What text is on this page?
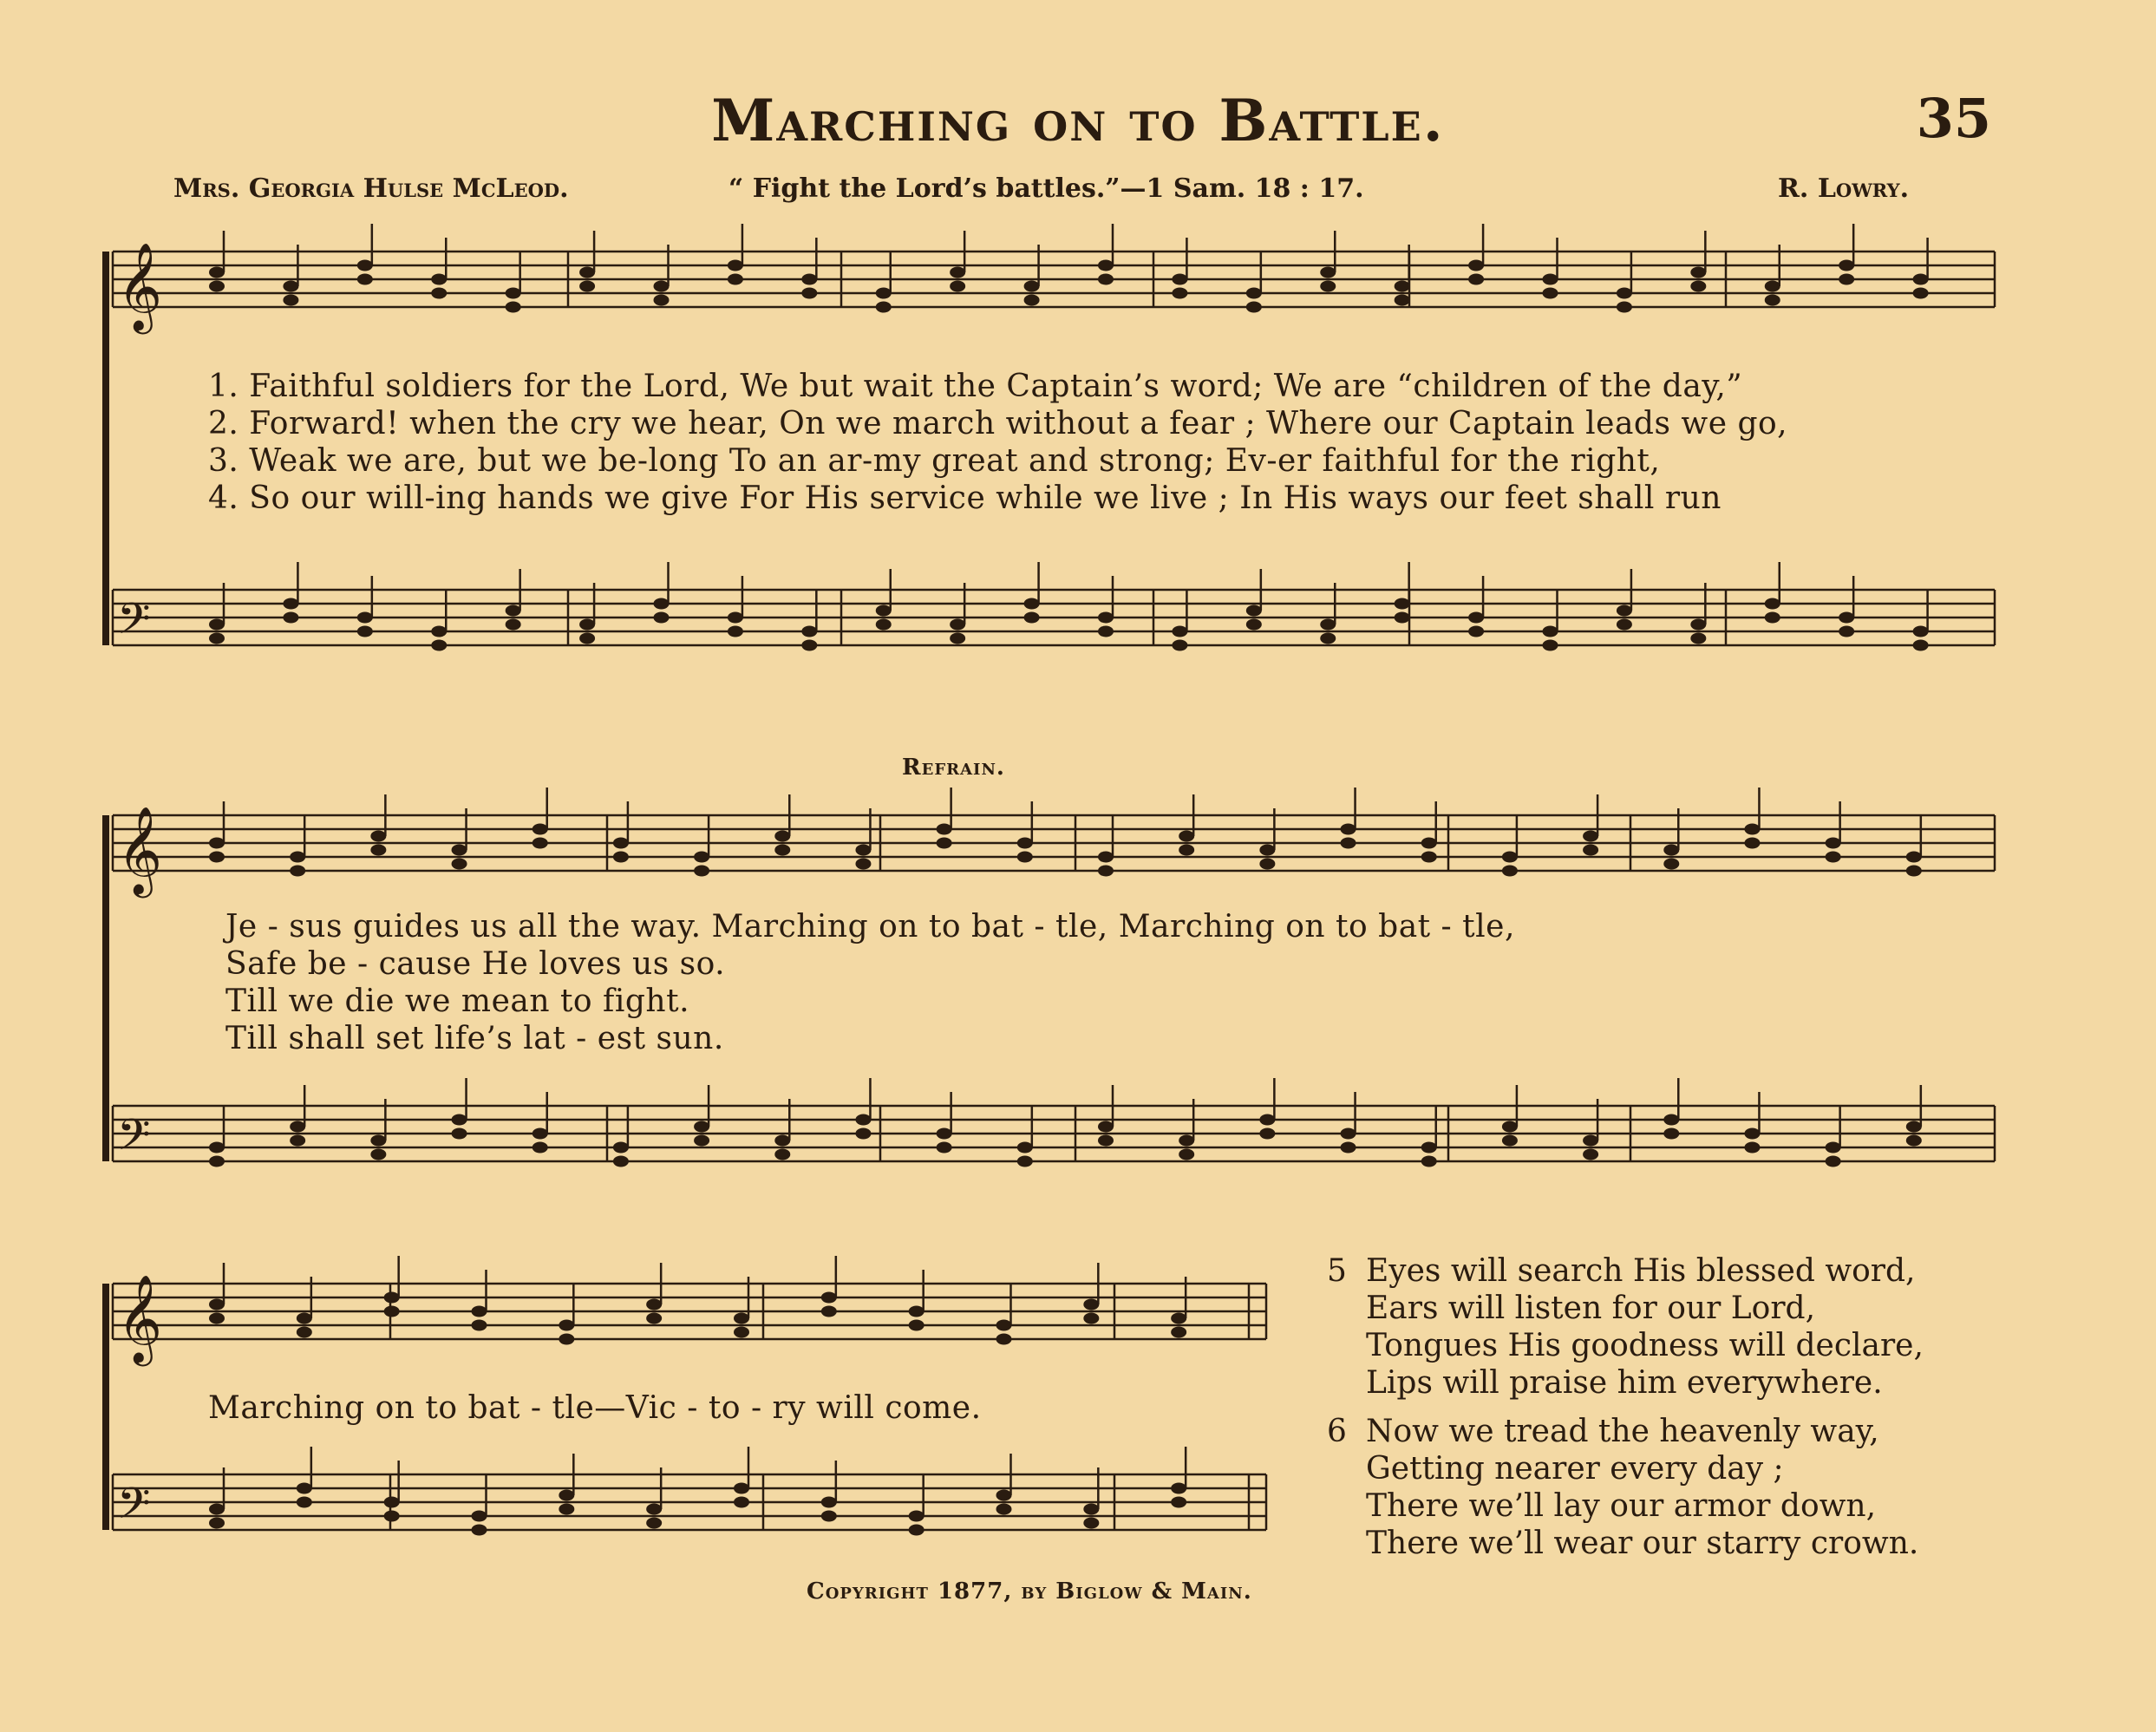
Marching on to Battle.	35
Mrs. Georgia Hulse McLeod.	“ Fight the Lord’s battles.”—1 Sam. 18 : 17.	R. Lowry.
𝄞
𝄢
𝄞
𝄢
𝄞
𝄢
1. Faithful soldiers for the Lord, We but wait the Captain’s word; We are “children of the day,”
2. Forward! when the cry we hear, On we march without a fear ; Where our Captain leads we go,
3. Weak we are, but we be-long To an ar-my great and strong; Ev-er faithful for the right,
4. So our will-ing hands we give For His service while we live ; In His ways our feet shall run
Refrain.
Je - sus guides us all the way. Marching on to bat - tle, Marching on to bat - tle,
Safe be - cause He loves us so.
Till we die we mean to fight.
Till shall set life’s lat - est sun.
Marching on to bat - tle—Vic - to - ry will come.
5 Eyes will search His blessed word,
Ears will listen for our Lord,
Tongues His goodness will declare,
Lips will praise him everywhere.
6 Now we tread the heavenly way,
Getting nearer every day ;
There we’ll lay our armor down,
There we’ll wear our starry crown.
Copyright 1877, by Biglow & Main.
